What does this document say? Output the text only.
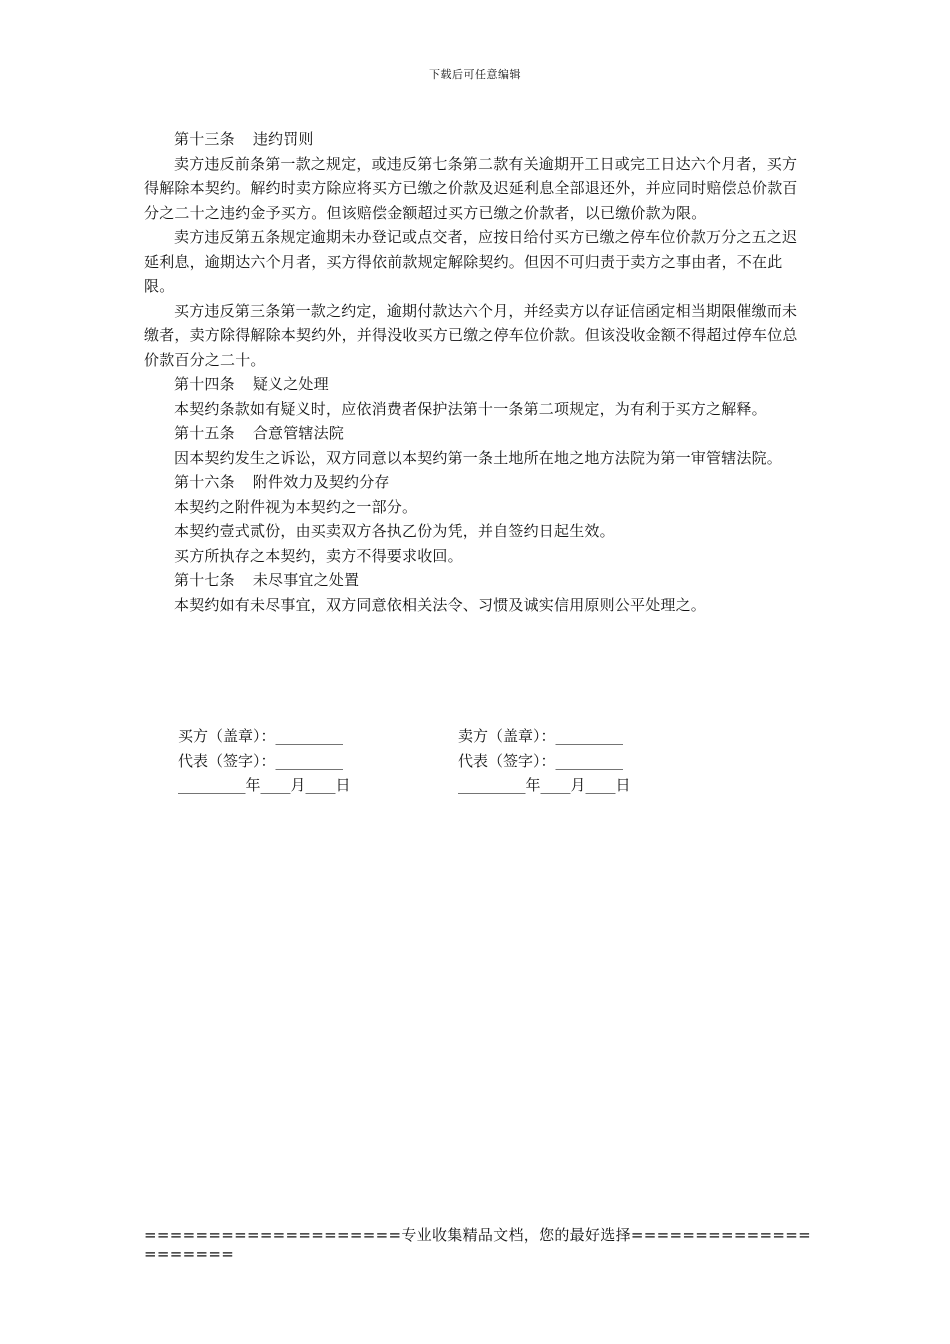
下载后可任意编辑

第十三条 违约罚则

卖方违反前条第一款之规定，或违反第七条第二款有关逾期开工日或完工日达六个月者，买方得解除本契约。解约时卖方除应将买方已缴之价款及迟延利息全部退还外，并应同时赔偿总价款百分之二十之违约金予买方。但该赔偿金额超过买方已缴之价款者，以已缴价款为限。

卖方违反第五条规定逾期未办登记或点交者，应按日给付买方已缴之停车位价款万分之五之迟延利息，逾期达六个月者，买方得依前款规定解除契约。但因不可归责于卖方之事由者，不在此限。

买方违反第三条第一款之约定，逾期付款达六个月，并经卖方以存证信函定相当期限催缴而未缴者，卖方除得解除本契约外，并得没收买方已缴之停车位价款。但该没收金额不得超过停车位总价款百分之二十。

第十四条 疑义之处理

本契约条款如有疑义时，应依消费者保护法第十一条第二项规定，为有利于买方之解释。

第十五条 合意管辖法院

因本契约发生之诉讼，双方同意以本契约第一条土地所在地之地方法院为第一审管辖法院。

第十六条 附件效力及契约分存

本契约之附件视为本契约之一部分。

本契约壹式贰份，由买卖双方各执乙份为凭，并自签约日起生效。

买方所执存之本契约，卖方不得要求收回。

第十七条 未尽事宜之处置

本契约如有未尽事宜，双方同意依相关法令、习惯及诚实信用原则公平处理之。

买方（盖章）：_________	卖方（盖章）：_________
代表（签字）：_________	代表（签字）：_________
_________年____月____日	_________年____月____日
====================专业收集精品文档，您的最好选择=====================
